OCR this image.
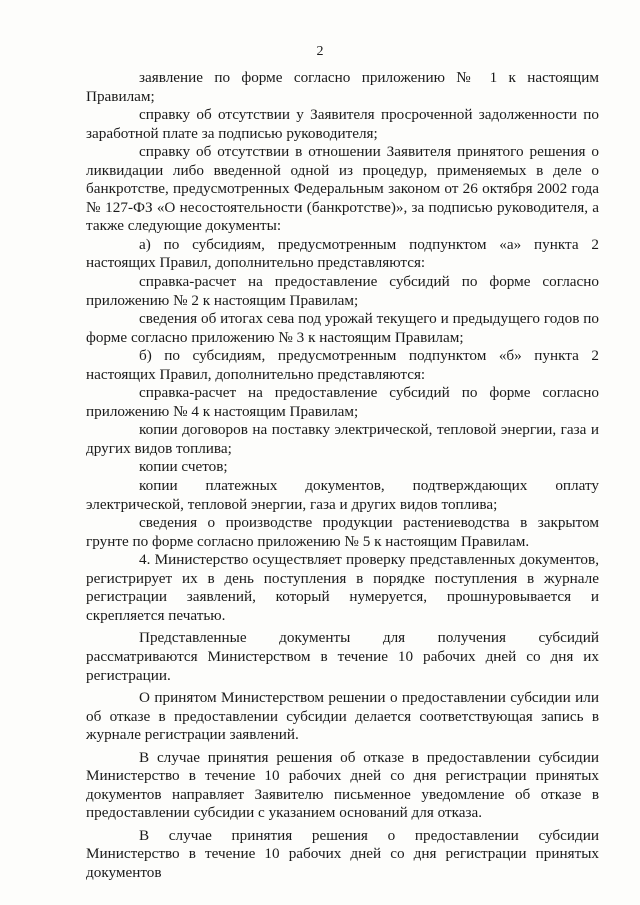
2

заявление по форме согласно приложению № 1 к настоящим Правилам;

справку об отсутствии у Заявителя просроченной задолженности по заработной плате за подписью руководителя;

справку об отсутствии в отношении Заявителя принятого решения о ликвидации либо введенной одной из процедур, применяемых в деле о банкротстве, предусмотренных Федеральным законом от 26 октября 2002 года № 127-ФЗ «О несостоятельности (банкротстве)», за подписью руководителя, а также следующие документы:

а) по субсидиям, предусмотренным подпунктом «а» пункта 2 настоящих Правил, дополнительно представляются:

справка-расчет на предоставление субсидий по форме согласно приложению № 2 к настоящим Правилам;

сведения об итогах сева под урожай текущего и предыдущего годов по форме согласно приложению № 3 к настоящим Правилам;

б) по субсидиям, предусмотренным подпунктом «б» пункта 2 настоящих Правил, дополнительно представляются:

справка-расчет на предоставление субсидий по форме согласно приложению № 4 к настоящим Правилам;

копии договоров на поставку электрической, тепловой энергии, газа и других видов топлива;

копии счетов;

копии платежных документов, подтверждающих оплату электрической, тепловой энергии, газа и других видов топлива;

сведения о производстве продукции растениеводства в закрытом грунте по форме согласно приложению № 5 к настоящим Правилам.

4. Министерство осуществляет проверку представленных документов, регистрирует их в день поступления в порядке поступления в журнале регистрации заявлений, который нумеруется, прошнуровывается и скрепляется печатью.

Представленные документы для получения субсидий рассматриваются Министерством в течение 10 рабочих дней со дня их регистрации.

О принятом Министерством решении о предоставлении субсидии или об отказе в предоставлении субсидии делается соответствующая запись в журнале регистрации заявлений.

В случае принятия решения об отказе в предоставлении субсидии Министерство в течение 10 рабочих дней со дня регистрации принятых документов направляет Заявителю письменное уведомление об отказе в предоставлении субсидии с указанием оснований для отказа.

В случае принятия решения о предоставлении субсидии Министерство в течение 10 рабочих дней со дня регистрации принятых документов
